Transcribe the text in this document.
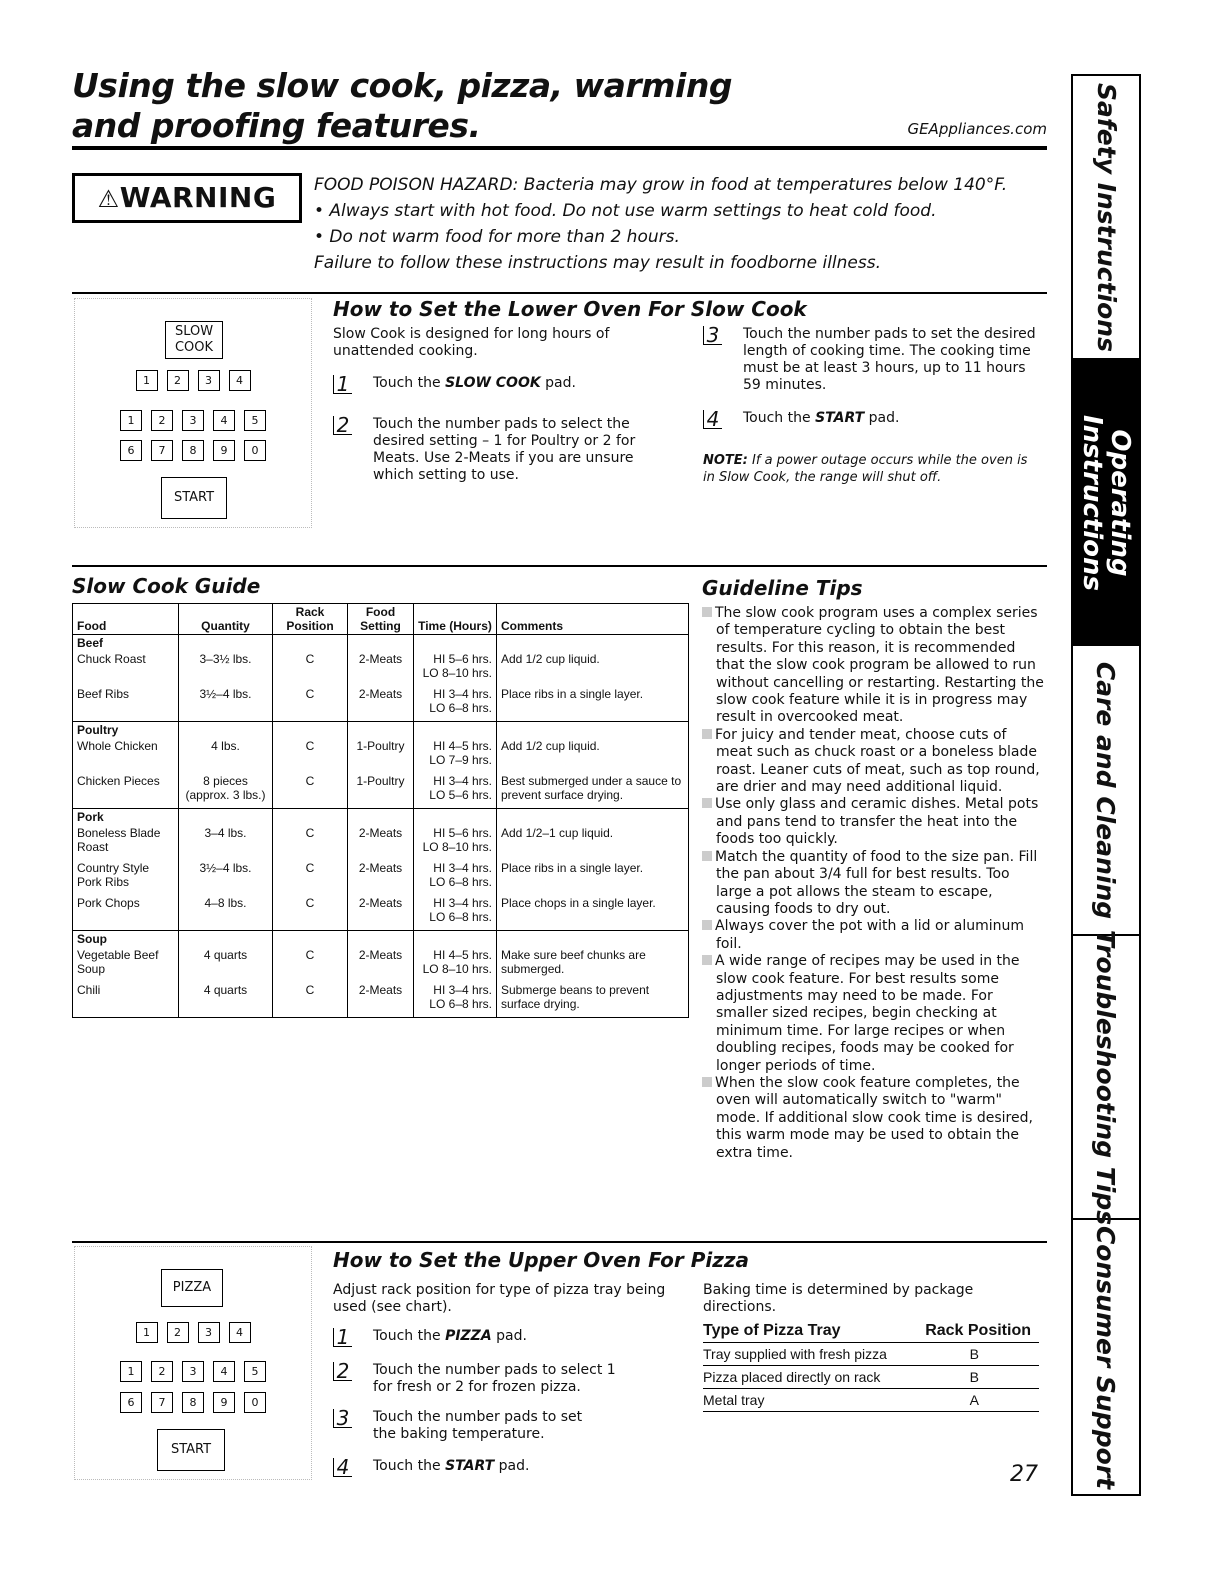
Using the slow cook, pizza, warming
and proofing features.	GEAppliances.com
⚠WARNING	FOOD POISON HAZARD: Bacteria may grow in food at temperatures below 140°F.
• Always start with hot food. Do not use warm settings to heat cold food.
• Do not warm food for more than 2 hours.
Failure to follow these instructions may result in foodborne illness.
SLOW COOK
1	2	3	4
1	2	3	4	5
6	7	8	9	0
START
How to Set the Lower Oven For Slow Cook
Slow Cook is designed for long hours of unattended cooking.
1 Touch the SLOW COOK pad.
2 Touch the number pads to select the desired setting – 1 for Poultry or 2 for Meats. Use 2-Meats if you are unsure which setting to use.
3 Touch the number pads to set the desired length of cooking time. The cooking time must be at least 3 hours, up to 11 hours 59 minutes.
4 Touch the START pad.
NOTE: If a power outage occurs while the oven is in Slow Cook, the range will shut off.
Slow Cook Guide
Food	Quantity	Rack Position	Food Setting	Time (Hours)	Comments
Beef					
Chuck Roast	3–3½ lbs.	C	2-Meats	HI 5–6 hrs. LO 8–10 hrs.	Add 1/2 cup liquid.
Beef Ribs	3½–4 lbs.	C	2-Meats	HI 3–4 hrs. LO 6–8 hrs.	Place ribs in a single layer.
Poultry					
Whole Chicken	4 lbs.	C	1-Poultry	HI 4–5 hrs. LO 7–9 hrs.	Add 1/2 cup liquid.
Chicken Pieces	8 pieces (approx. 3 lbs.)	C	1-Poultry	HI 3–4 hrs. LO 5–6 hrs.	Best submerged under a sauce to prevent surface drying.
Pork					
Boneless Blade Roast	3–4 lbs.	C	2-Meats	HI 5–6 hrs. LO 8–10 hrs.	Add 1/2–1 cup liquid.
Country Style Pork Ribs	3½–4 lbs.	C	2-Meats	HI 3–4 hrs. LO 6–8 hrs.	Place ribs in a single layer.
Pork Chops	4–8 lbs.	C	2-Meats	HI 3–4 hrs. LO 6–8 hrs.	Place chops in a single layer.
Soup					
Vegetable Beef Soup	4 quarts	C	2-Meats	HI 4–5 hrs. LO 8–10 hrs.	Make sure beef chunks are submerged.
Chili	4 quarts	C	2-Meats	HI 3–4 hrs. LO 6–8 hrs.	Submerge beans to prevent surface drying.
Guideline Tips
The slow cook program uses a complex series of temperature cycling to obtain the best results. For this reason, it is recommended that the slow cook program be allowed to run without cancelling or restarting. Restarting the slow cook feature while it is in progress may result in overcooked meat.
For juicy and tender meat, choose cuts of meat such as chuck roast or a boneless blade roast. Leaner cuts of meat, such as top round, are drier and may need additional liquid.
Use only glass and ceramic dishes. Metal pots and pans tend to transfer the heat into the foods too quickly.
Match the quantity of food to the size pan. Fill the pan about 3/4 full for best results. Too large a pot allows the steam to escape, causing foods to dry out.
Always cover the pot with a lid or aluminum foil.
A wide range of recipes may be used in the slow cook feature. For best results some adjustments may need to be made. For smaller sized recipes, begin checking at minimum time. For large recipes or when doubling recipes, foods may be cooked for longer periods of time.
When the slow cook feature completes, the oven will automatically switch to "warm" mode. If additional slow cook time is desired, this warm mode may be used to obtain the extra time.
PIZZA
1	2	3	4
1	2	3	4	5
6	7	8	9	0
START
How to Set the Upper Oven For Pizza
Adjust rack position for type of pizza tray being used (see chart).
1 Touch the PIZZA pad.
2 Touch the number pads to select 1 for fresh or 2 for frozen pizza.
3 Touch the number pads to set the baking temperature.
4 Touch the START pad.
Baking time is determined by package directions.
Type of Pizza Tray	Rack Position
Tray supplied with fresh pizza	B
Pizza placed directly on rack	B
Metal tray	A
27
Safety Instructions
Operating Instructions
Care and Cleaning
Troubleshooting Tips
Consumer Support
